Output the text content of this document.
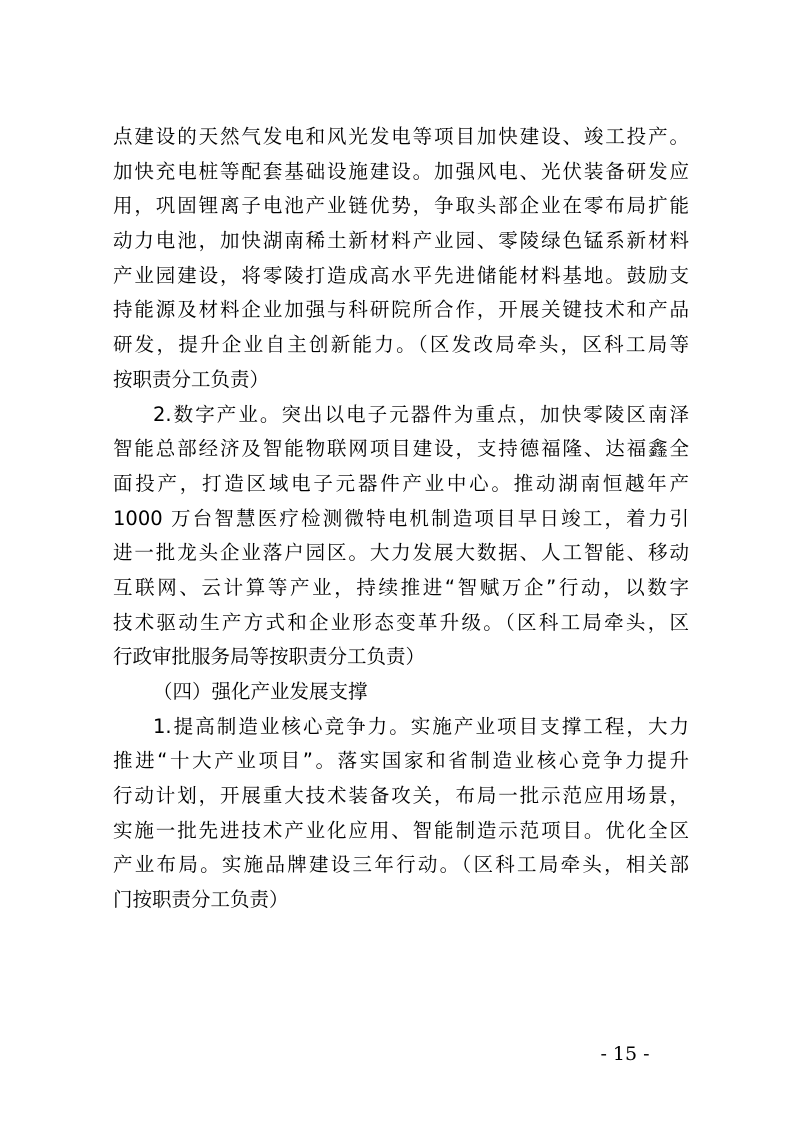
点建设的天然气发电和风光发电等项目加快建设、竣工投产。
加快充电桩等配套基础设施建设。加强风电、光伏装备研发应
用，巩固锂离子电池产业链优势，争取头部企业在零布局扩能
动力电池，加快湖南稀土新材料产业园、零陵绿色锰系新材料
产业园建设，将零陵打造成高水平先进储能材料基地。鼓励支
持能源及材料企业加强与科研院所合作，开展关键技术和产品
研发，提升企业自主创新能力。（区发改局牵头，区科工局等
按职责分工负责）
2.数字产业。突出以电子元器件为重点，加快零陵区南泽
智能总部经济及智能物联网项目建设，支持德福隆、达福鑫全
面投产，打造区域电子元器件产业中心。推动湖南恒越年产
1000 万台智慧医疗检测微特电机制造项目早日竣工，着力引
进一批龙头企业落户园区。大力发展大数据、人工智能、移动
互联网、云计算等产业，持续推进“智赋万企”行动，以数字
技术驱动生产方式和企业形态变革升级。（区科工局牵头，区
行政审批服务局等按职责分工负责）
（四）强化产业发展支撑
1.提高制造业核心竞争力。实施产业项目支撑工程，大力
推进“十大产业项目”。落实国家和省制造业核心竞争力提升
行动计划，开展重大技术装备攻关，布局一批示范应用场景，
实施一批先进技术产业化应用、智能制造示范项目。优化全区
产业布局。实施品牌建设三年行动。（区科工局牵头，相关部
门按职责分工负责）
- 15 -
